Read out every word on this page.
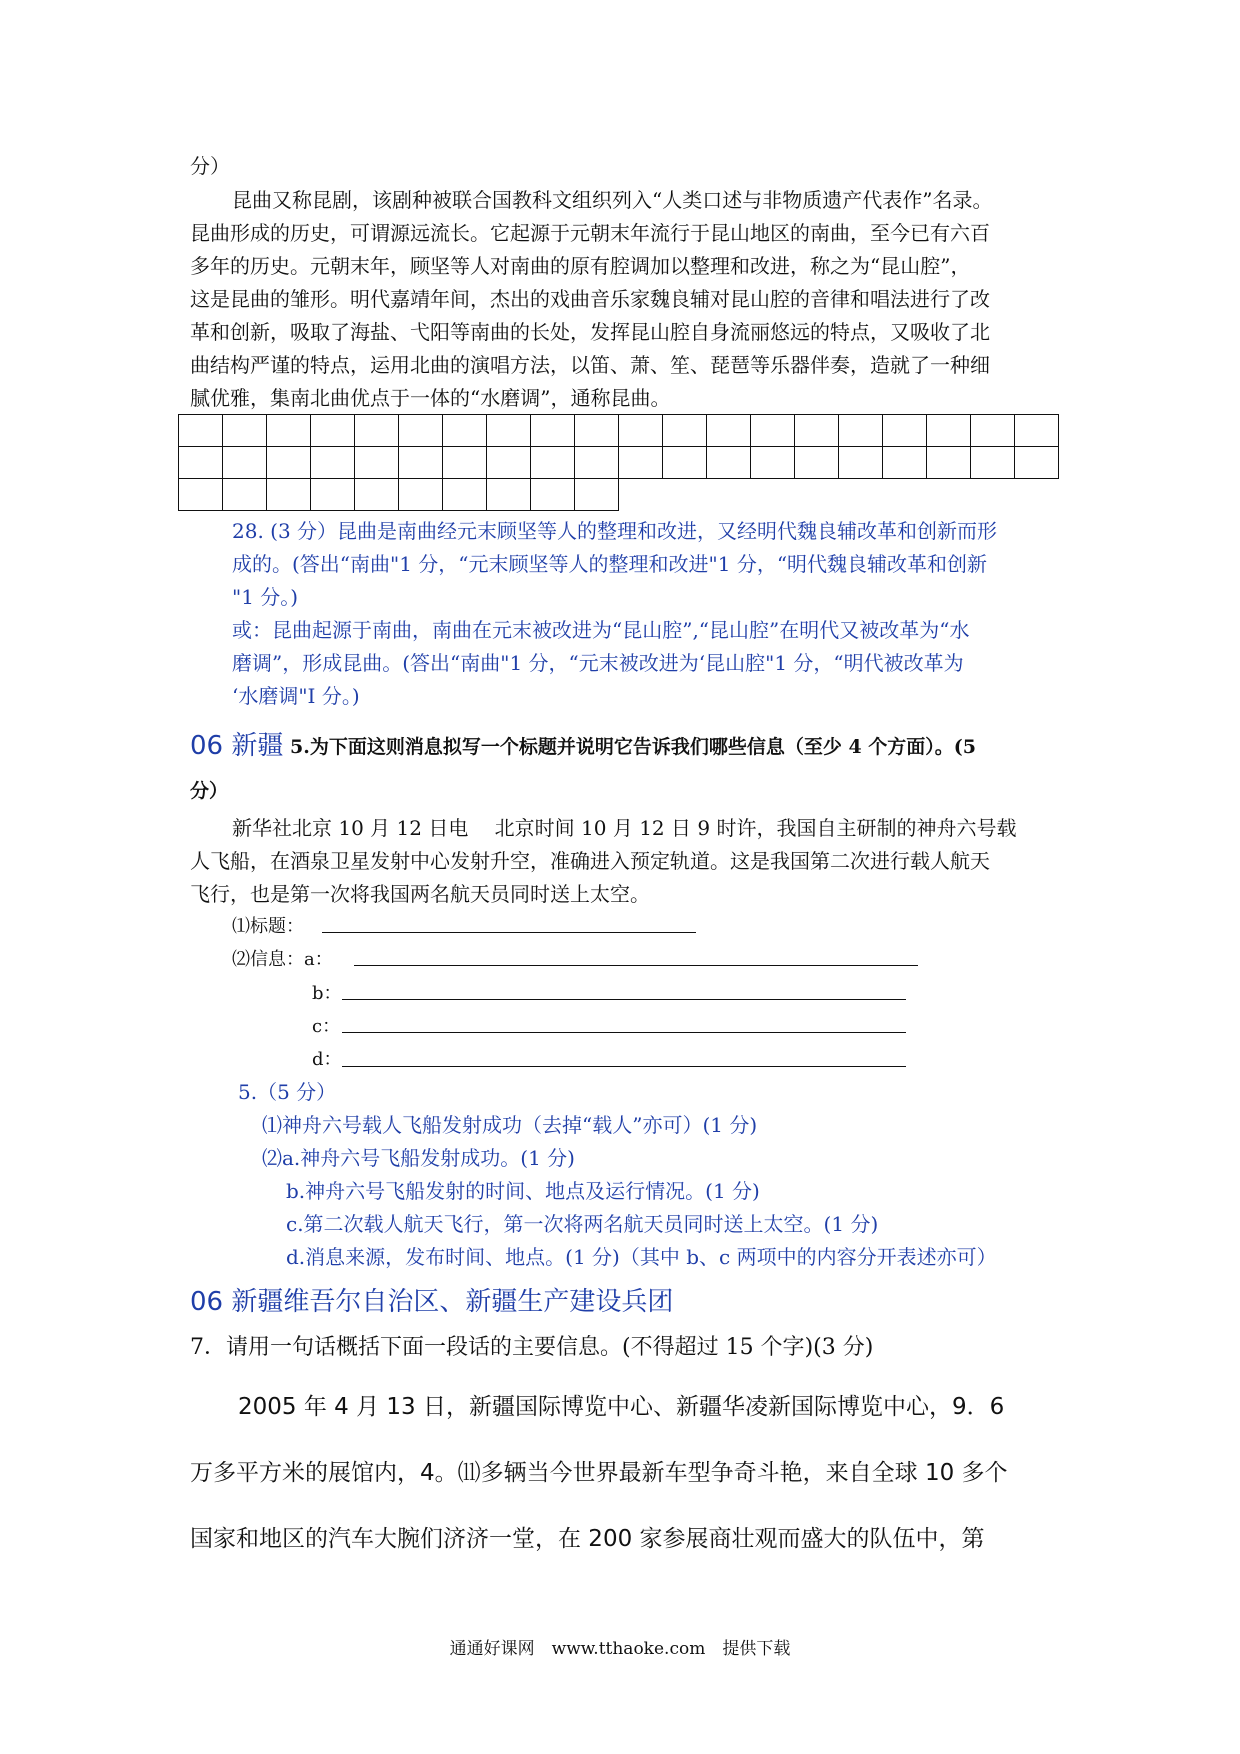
分）
昆曲又称昆剧，该剧种被联合国教科文组织列入“人类口述与非物质遗产代表作”名录。
昆曲形成的历史，可谓源远流长。它起源于元朝末年流行于昆山地区的南曲，至今已有六百
多年的历史。元朝末年，顾坚等人对南曲的原有腔调加以整理和改进，称之为“昆山腔”，
这是昆曲的雏形。明代嘉靖年间，杰出的戏曲音乐家魏良辅对昆山腔的音律和唱法进行了改
革和创新，吸取了海盐、弋阳等南曲的长处，发挥昆山腔自身流丽悠远的特点，又吸收了北
曲结构严谨的特点，运用北曲的演唱方法，以笛、萧、笙、琵琶等乐器伴奏，造就了一种细
腻优雅，集南北曲优点于一体的“水磨调”，通称昆曲。

28. (3 分）昆曲是南曲经元末顾坚等人的整理和改进，又经明代魏良辅改革和创新而形
成的。(答出“南曲"1 分，“元末顾坚等人的整理和改进"1 分，“明代魏良辅改革和创新
"1 分。)
或：昆曲起源于南曲，南曲在元末被改进为“昆山腔”,“昆山腔”在明代又被改革为“水
磨调”，形成昆曲。(答出“南曲"1 分，“元末被改进为‘昆山腔"1 分，“明代被改革为
‘水磨调"I 分。)
06 新疆 5.为下面这则消息拟写一个标题并说明它告诉我们哪些信息（至少 4 个方面）。(5
分）
新华社北京 10 月 12 日电　 北京时间 10 月 12 日 9 时许，我国自主研制的神舟六号载
人飞船，在酒泉卫星发射中心发射升空，准确进入预定轨道。这是我国第二次进行载人航天
飞行，也是第一次将我国两名航天员同时送上太空。
⑴标题：
⑵信息：a：
b：
c：
d：
5.（5 分）
⑴神舟六号载人飞船发射成功（去掉“载人”亦可）(1 分)
⑵a.神舟六号飞船发射成功。(1 分)
b.神舟六号飞船发射的时间、地点及运行情况。(1 分)
c.第二次载人航天飞行，第一次将两名航天员同时送上太空。(1 分)
d.消息来源，发布时间、地点。(1 分)（其中 b、c 两项中的内容分开表述亦可）
06 新疆维吾尔自治区、新疆生产建设兵团
7．请用一句话概括下面一段话的主要信息。(不得超过 15 个字)(3 分)
2005 年 4 月 13 日，新疆国际博览中心、新疆华凌新国际博览中心，9．6
万多平方米的展馆内，4。⑾多辆当今世界最新车型争奇斗艳，来自全球 10 多个
国家和地区的汽车大腕们济济一堂，在 200 家参展商壮观而盛大的队伍中，第
通通好课网　www.tthaoke.com　提供下载
